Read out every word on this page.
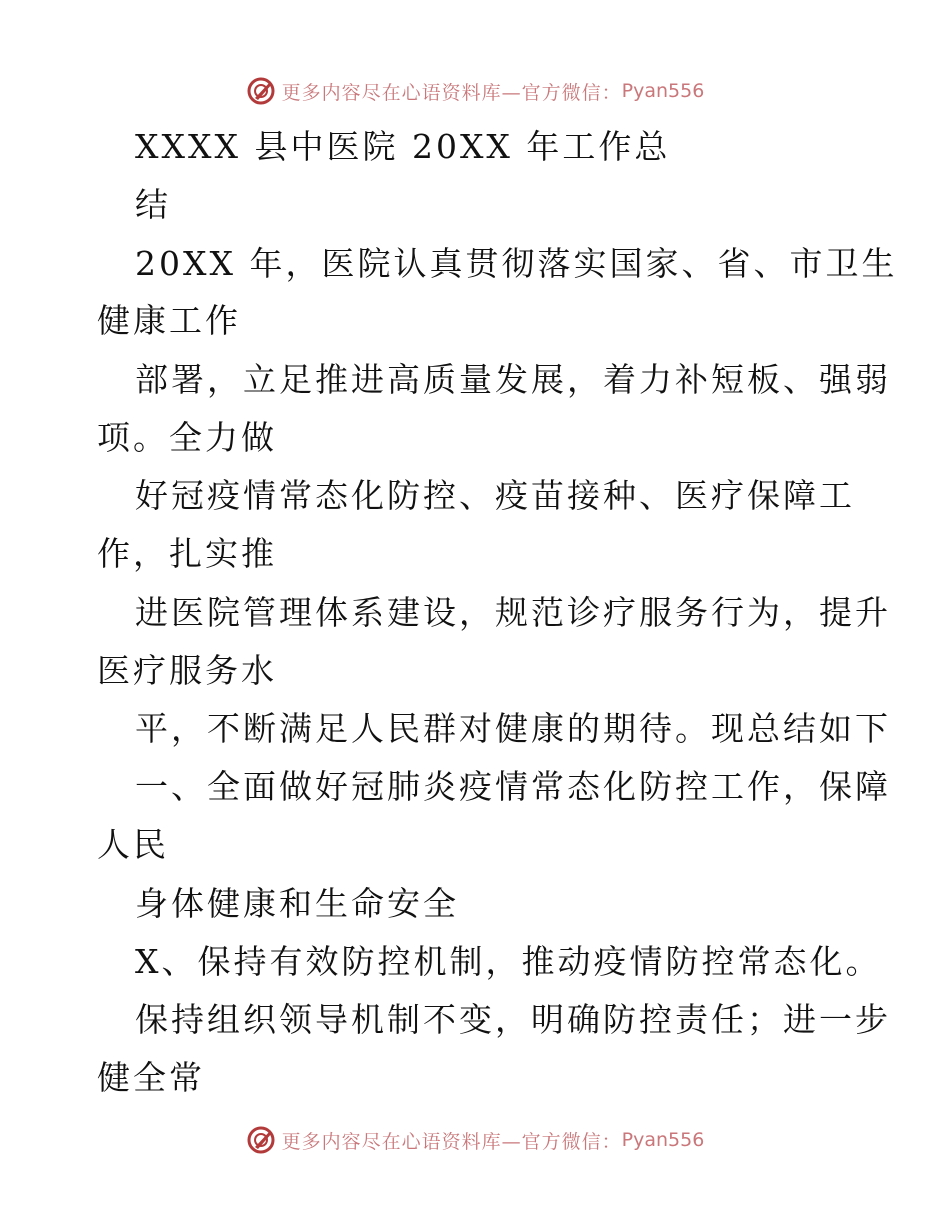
更多内容尽在心语资料库—官方微信： Pyan556
XXXX 县中医院 20XX 年工作总
结
20XX 年，医院认真贯彻落实国家、省、市卫生
健康工作
部署，立足推进高质量发展，着力补短板、强弱
项。全力做
好冠疫情常态化防控、疫苗接种、医疗保障工
作，扎实推
进医院管理体系建设，规范诊疗服务行为，提升
医疗服务水
平，不断满足人民群对健康的期待。现总结如下
一、全面做好冠肺炎疫情常态化防控工作，保障
人民
身体健康和生命安全
X、保持有效防控机制，推动疫情防控常态化。
保持组织领导机制不变，明确防控责任；进一步
健全常
更多内容尽在心语资料库—官方微信： Pyan556
